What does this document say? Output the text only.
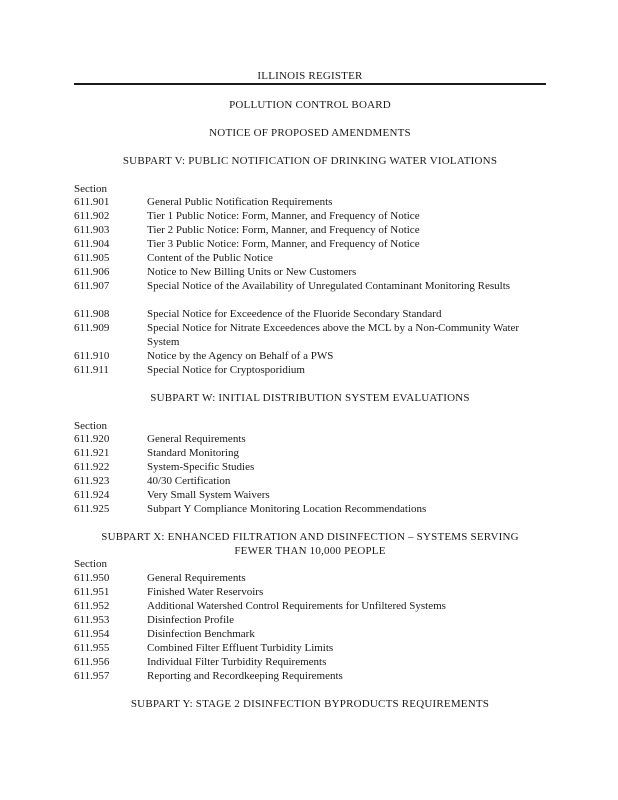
ILLINOIS REGISTER
POLLUTION CONTROL BOARD
NOTICE OF PROPOSED AMENDMENTS
SUBPART V: PUBLIC NOTIFICATION OF DRINKING WATER VIOLATIONS
Section
611.901	General Public Notification Requirements
611.902	Tier 1 Public Notice: Form, Manner, and Frequency of Notice
611.903	Tier 2 Public Notice: Form, Manner, and Frequency of Notice
611.904	Tier 3 Public Notice: Form, Manner, and Frequency of Notice
611.905	Content of the Public Notice
611.906	Notice to New Billing Units or New Customers
611.907	Special Notice of the Availability of Unregulated Contaminant Monitoring Results
611.908	Special Notice for Exceedence of the Fluoride Secondary Standard
611.909	Special Notice for Nitrate Exceedences above the MCL by a Non-Community Water System
611.910	Notice by the Agency on Behalf of a PWS
611.911	Special Notice for Cryptosporidium
SUBPART W: INITIAL DISTRIBUTION SYSTEM EVALUATIONS
Section
611.920	General Requirements
611.921	Standard Monitoring
611.922	System-Specific Studies
611.923	40/30 Certification
611.924	Very Small System Waivers
611.925	Subpart Y Compliance Monitoring Location Recommendations
SUBPART X: ENHANCED FILTRATION AND DISINFECTION – SYSTEMS SERVING
FEWER THAN 10,000 PEOPLE
Section
611.950	General Requirements
611.951	Finished Water Reservoirs
611.952	Additional Watershed Control Requirements for Unfiltered Systems
611.953	Disinfection Profile
611.954	Disinfection Benchmark
611.955	Combined Filter Effluent Turbidity Limits
611.956	Individual Filter Turbidity Requirements
611.957	Reporting and Recordkeeping Requirements
SUBPART Y: STAGE 2 DISINFECTION BYPRODUCTS REQUIREMENTS
